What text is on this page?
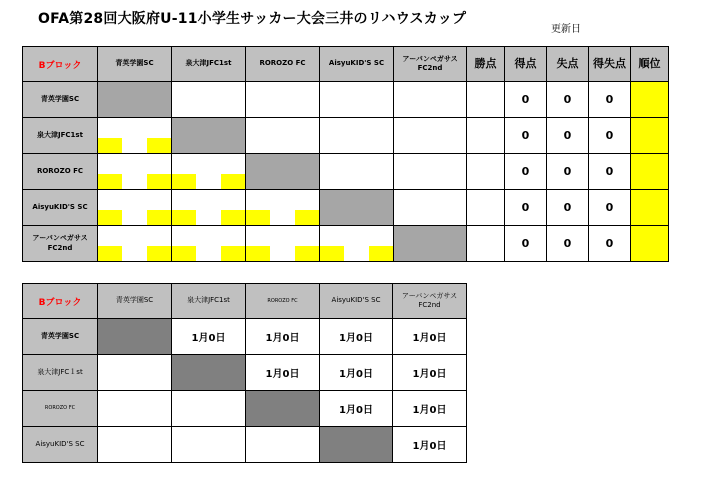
OFA第28回大阪府U-11小学生サッカー大会三井のリハウスカップ
更新日
Bブロック	青英学園SC	泉大津JFC1st	ROROZO FC	AisyuKID'S SC	アーバンペガサス
FC2nd	勝点	得点	失点	得失点	順位
青英学園SC							0	0	0	
泉大津JFC1st							0	0	0	
ROROZO FC							0	0	0	
AisyuKID'S SC							0	0	0	
アーバンペガサス
FC2nd							0	0	0	
Bブロック	青英学園SC	泉大津JFC1st	ROROZO FC	AisyuKID'S SC	アーバンペガサス
FC2nd
青英学園SC		1月0日	1月0日	1月0日	1月0日
泉大津JFC１st			1月0日	1月0日	1月0日
ROROZO FC				1月0日	1月0日
AisyuKID'S SC					1月0日
